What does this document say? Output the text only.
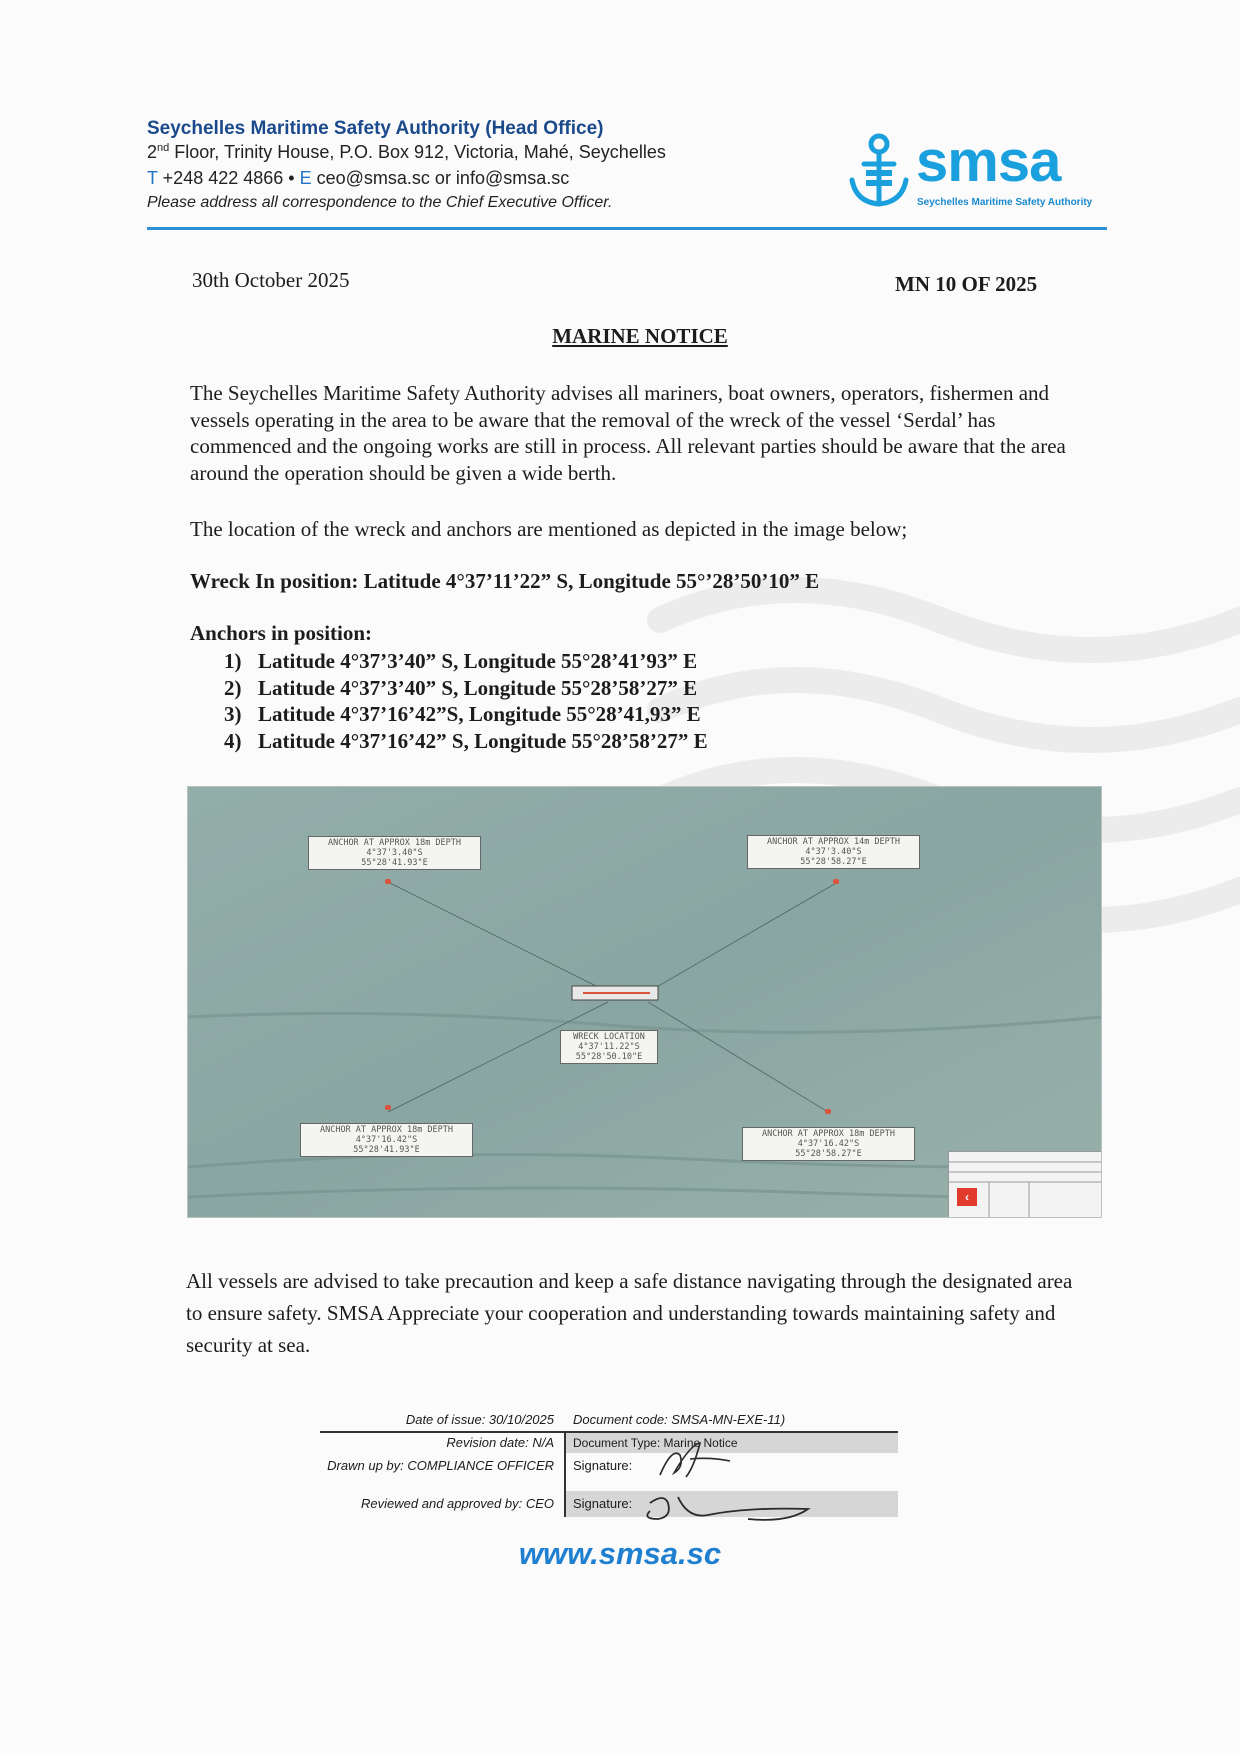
Seychelles Maritime Safety Authority (Head Office)
2nd Floor, Trinity House, P.O. Box 912, Victoria, Mahé, Seychelles
T +248 422 4866 • E ceo@smsa.sc or info@smsa.sc
Please address all correspondence to the Chief Executive Officer.
smsa
Seychelles Maritime Safety Authority
30th October 2025	MN 10 OF 2025
MARINE NOTICE
The Seychelles Maritime Safety Authority advises all mariners, boat owners, operators, fishermen and vessels operating in the area to be aware that the removal of the wreck of the vessel ‘Serdal’ has commenced and the ongoing works are still in process. All relevant parties should be aware that the area around the operation should be given a wide berth.
The location of the wreck and anchors are mentioned as depicted in the image below;
Wreck In position: Latitude 4°37’11’22” S, Longitude 55°’28’50’10” E
Anchors in position:
1) Latitude 4°37’3’40” S, Longitude 55°28’41’93” E
2) Latitude 4°37’3’40” S, Longitude 55°28’58’27” E
3) Latitude 4°37’16’42”S, Longitude 55°28’41,93” E
4) Latitude 4°37’16’42” S, Longitude 55°28’58’27” E
ANCHOR AT APPROX 18m DEPTH
4°37'3.40"S
55°28'41.93"E
ANCHOR AT APPROX 14m DEPTH
4°37'3.40"S
55°28'58.27"E
WRECK LOCATION
4°37'11.22"S
55°28'50.10"E
ANCHOR AT APPROX 18m DEPTH
4°37'16.42"S
55°28'41.93"E
ANCHOR AT APPROX 18m DEPTH
4°37'16.42"S
55°28'58.27"E
‹
All vessels are advised to take precaution and keep a safe distance navigating through the designated area to ensure safety. SMSA Appreciate your cooperation and understanding towards maintaining safety and security at sea.
Date of issue: 30/10/2025	Document code: SMSA-MN-EXE-11)
Revision date: N/A	Document Type: Marine Notice
Drawn up by: COMPLIANCE OFFICER	Signature:
Reviewed and approved by: CEO	Signature:
www.smsa.sc
